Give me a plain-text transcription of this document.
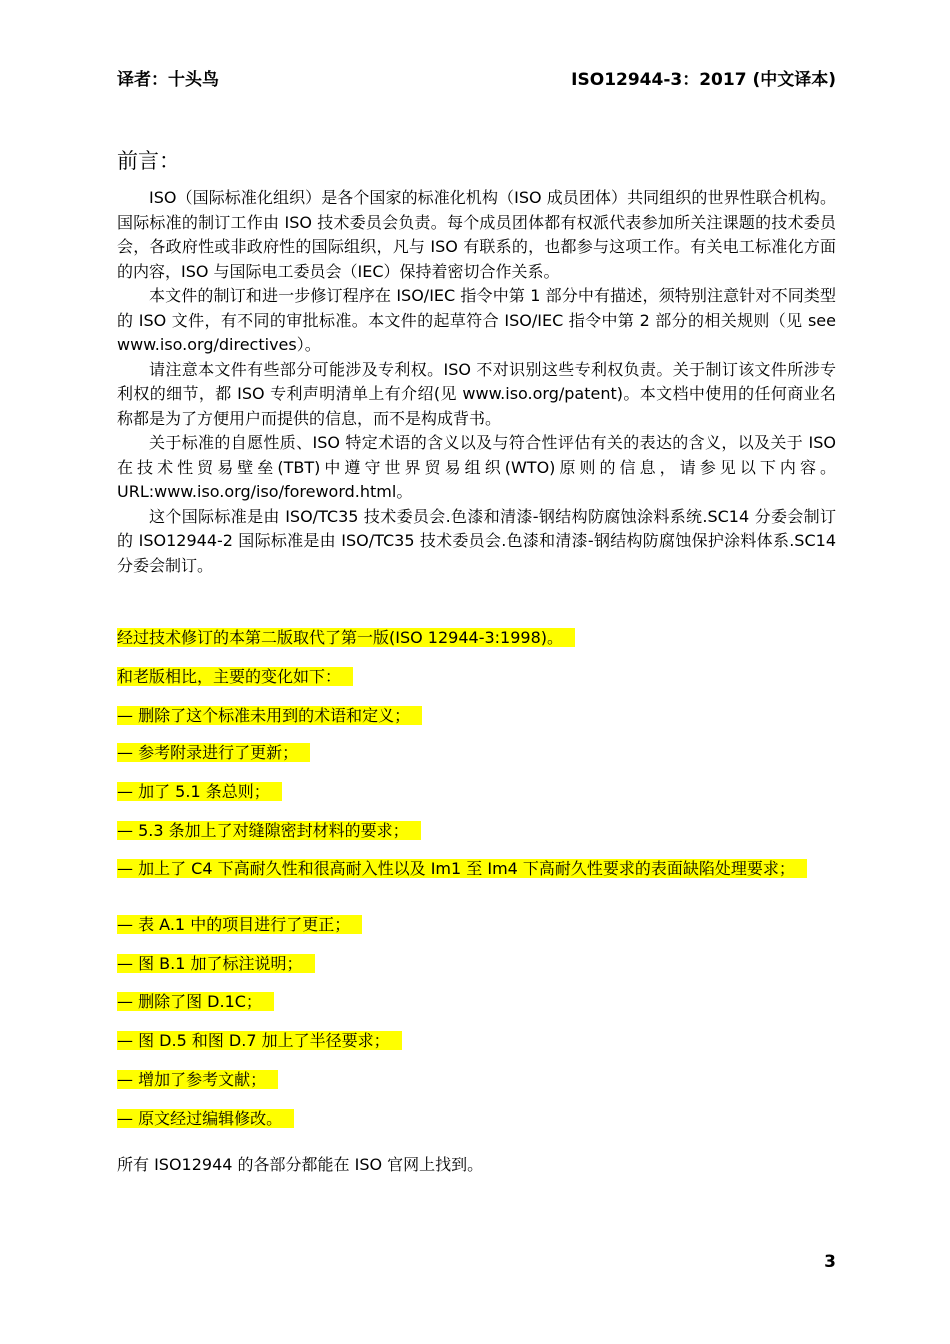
译者：十头鸟	ISO12944-3：2017 (中文译本)
前言：

ISO（国际标准化组织）是各个国家的标准化机构（ISO 成员团体）共同组织的世界性联合机构。国际标准的制订工作由 ISO 技术委员会负责。每个成员团体都有权派代表参加所关注课题的技术委员会，各政府性或非政府性的国际组织，凡与 ISO 有联系的，也都参与这项工作。有关电工标准化方面的内容，ISO 与国际电工委员会（IEC）保持着密切合作关系。

本文件的制订和进一步修订程序在 ISO/IEC 指令中第 1 部分中有描述，须特别注意针对不同类型的 ISO 文件，有不同的审批标准。本文件的起草符合 ISO/IEC 指令中第 2 部分的相关规则（见 see www.iso.org/directives）。

请注意本文件有些部分可能涉及专利权。ISO 不对识别这些专利权负责。关于制订该文件所涉专利权的细节，都 ISO 专利声明清单上有介绍(见 www.iso.org/patent)。本文档中使用的任何商业名称都是为了方便用户而提供的信息，而不是构成背书。

关于标准的自愿性质、ISO 特定术语的含义以及与符合性评估有关的表达的含义，以及关于 ISO 在技术性贸易壁垒(TBT)中遵守世界贸易组织(WTO)原则的信息，请参见以下内容。URL:www.iso.org/iso/foreword.html。

这个国际标准是由 ISO/TC35 技术委员会.色漆和清漆-钢结构防腐蚀涂料系统.SC14 分委会制订的 ISO12944-2 国际标准是由 ISO/TC35 技术委员会.色漆和清漆-钢结构防腐蚀保护涂料体系.SC14 分委会制订。

经过技术修订的本第二版取代了第一版(ISO 12944-3:1998)。
和老版相比，主要的变化如下：
— 删除了这个标准未用到的术语和定义；
— 参考附录进行了更新；
— 加了 5.1 条总则；
— 5.3 条加上了对缝隙密封材料的要求；
— 加上了 C4 下高耐久性和很高耐入性以及 Im1 至 Im4 下高耐久性要求的表面缺陷处理要求；
— 表 A.1 中的项目进行了更正；
— 图 B.1 加了标注说明；
— 删除了图 D.1C；
— 图 D.5 和图 D.7 加上了半径要求；
— 增加了参考文献；
— 原文经过编辑修改。
所有 ISO12944 的各部分都能在 ISO 官网上找到。
3
